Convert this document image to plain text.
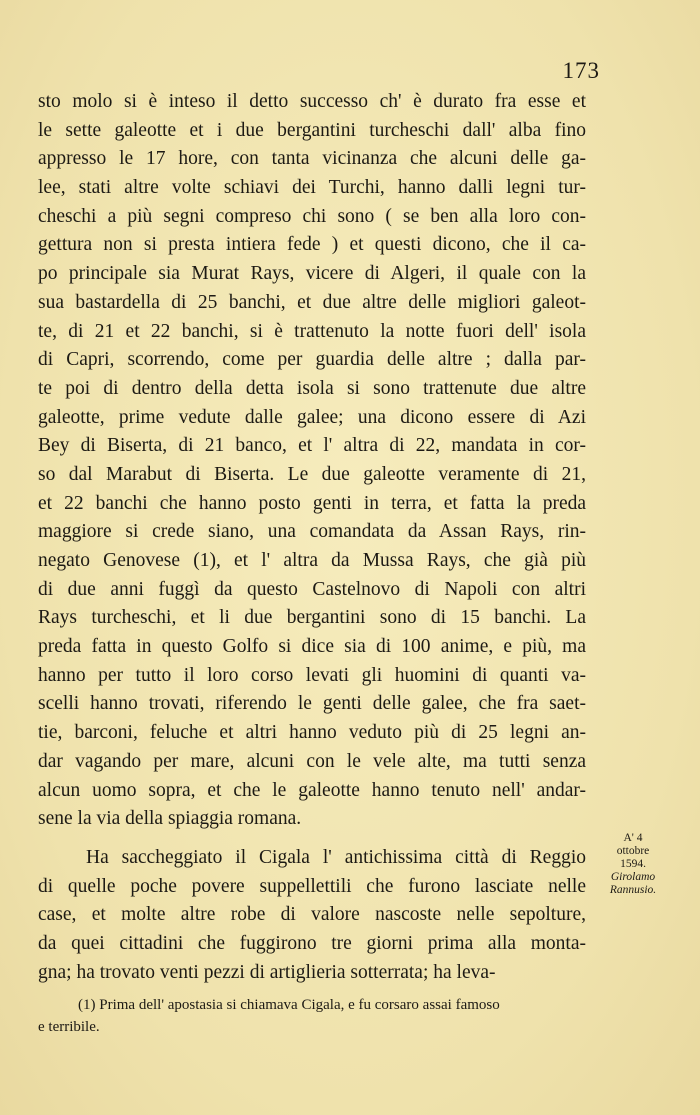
173
sto molo si è inteso il detto successo ch' è durato fra esse et
le sette galeotte et i due bergantini turcheschi dall' alba fino
appresso le 17 hore, con tanta vicinanza che alcuni delle ga-
lee, stati altre volte schiavi dei Turchi, hanno dalli legni tur-
cheschi a più segni compreso chi sono ( se ben alla loro con-
gettura non si presta intiera fede ) et questi dicono, che il ca-
po principale sia Murat Rays, vicere di Algeri, il quale con la
sua bastardella di 25 banchi, et due altre delle migliori galeot-
te, di 21 et 22 banchi, si è trattenuto la notte fuori dell' isola
di Capri, scorrendo, come per guardia delle altre ; dalla par-
te poi di dentro della detta isola si sono trattenute due altre
galeotte, prime vedute dalle galee; una dicono essere di Azi
Bey di Biserta, di 21 banco, et l' altra di 22, mandata in cor-
so dal Marabut di Biserta. Le due galeotte veramente di 21,
et 22 banchi che hanno posto genti in terra, et fatta la preda
maggiore si crede siano, una comandata da Assan Rays, rin-
negato Genovese (1), et l' altra da Mussa Rays, che già più
di due anni fuggì da questo Castelnovo di Napoli con altri
Rays turcheschi, et li due bergantini sono di 15 banchi. La
preda fatta in questo Golfo si dice sia di 100 anime, e più, ma
hanno per tutto il loro corso levati gli huomini di quanti va-
scelli hanno trovati, riferendo le genti delle galee, che fra saet-
tie, barconi, feluche et altri hanno veduto più di 25 legni an-
dar vagando per mare, alcuni con le vele alte, ma tutti senza
alcun uomo sopra, et che le galeotte hanno tenuto nell' andar-
sene la via della spiaggia romana.
Ha saccheggiato il Cigala l' antichissima città di Reggio
di quelle poche povere suppellettili che furono lasciate nelle
case, et molte altre robe di valore nascoste nelle sepolture,
da quei cittadini che fuggirono tre giorni prima alla monta-
gna; ha trovato venti pezzi di artiglieria sotterrata; ha leva-
A' 4
ottobre
1594.
Girolamo
Rannusio.
(1) Prima dell' apostasia si chiamava Cigala, e fu corsaro assai famoso
e terribile.
